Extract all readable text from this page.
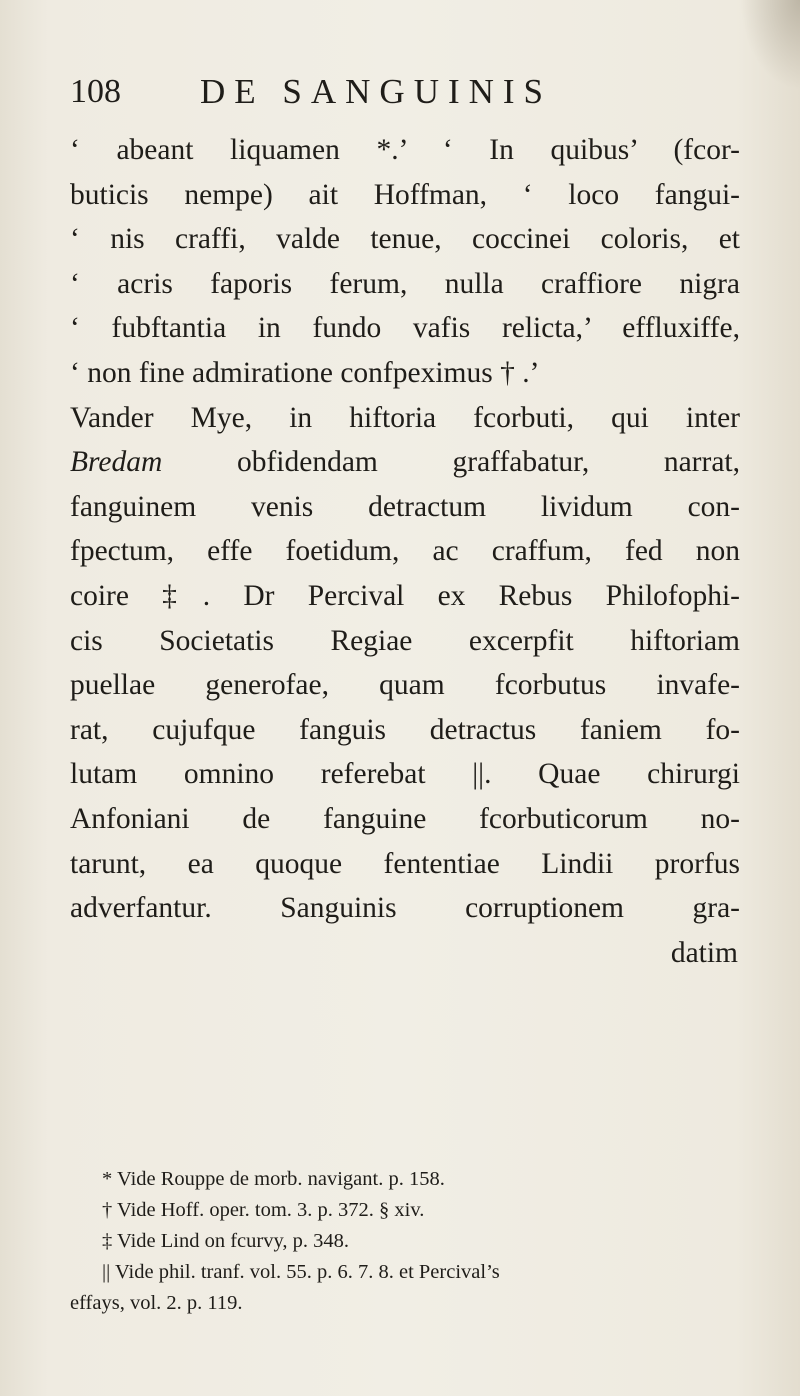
108 DE SANGUINIS
‘ abeant liquamen *.’ ‘ In quibus’ (fcor-
buticis nempe) ait Hoffman, ‘ loco fangui-
‘ nis craffi, valde tenue, coccinei coloris, et
‘ acris faporis ferum, nulla craffiore nigra
‘ fubftantia in fundo vafis relicta,’ effluxiffe,
‘ non fine admiratione confpeximus † .’
Vander Mye, in hiftoria fcorbuti, qui inter
Bredam obfidendam graffabatur, narrat,
fanguinem venis detractum lividum con-
fpectum, effe foetidum, ac craffum, fed non
coire ‡. Dr Percival ex Rebus Philofophi-
cis Societatis Regiae excerpfit hiftoriam
puellae generofae, quam fcorbutus invafe-
rat, cujufque fanguis detractus faniem fo-
lutam omnino referebat ||. Quae chirurgi
Anfoniani de fanguine fcorbuticorum no-
tarunt, ea quoque fententiae Lindii prorfus
adverfantur. Sanguinis corruptionem gra-
datim
* Vide Rouppe de morb. navigant. p. 158.
† Vide Hoff. oper. tom. 3. p. 372. § xiv.
‡ Vide Lind on fcurvy, p. 348.
|| Vide phil. tranf. vol. 55. p. 6. 7. 8. et Percival’s
effays, vol. 2. p. 119.
